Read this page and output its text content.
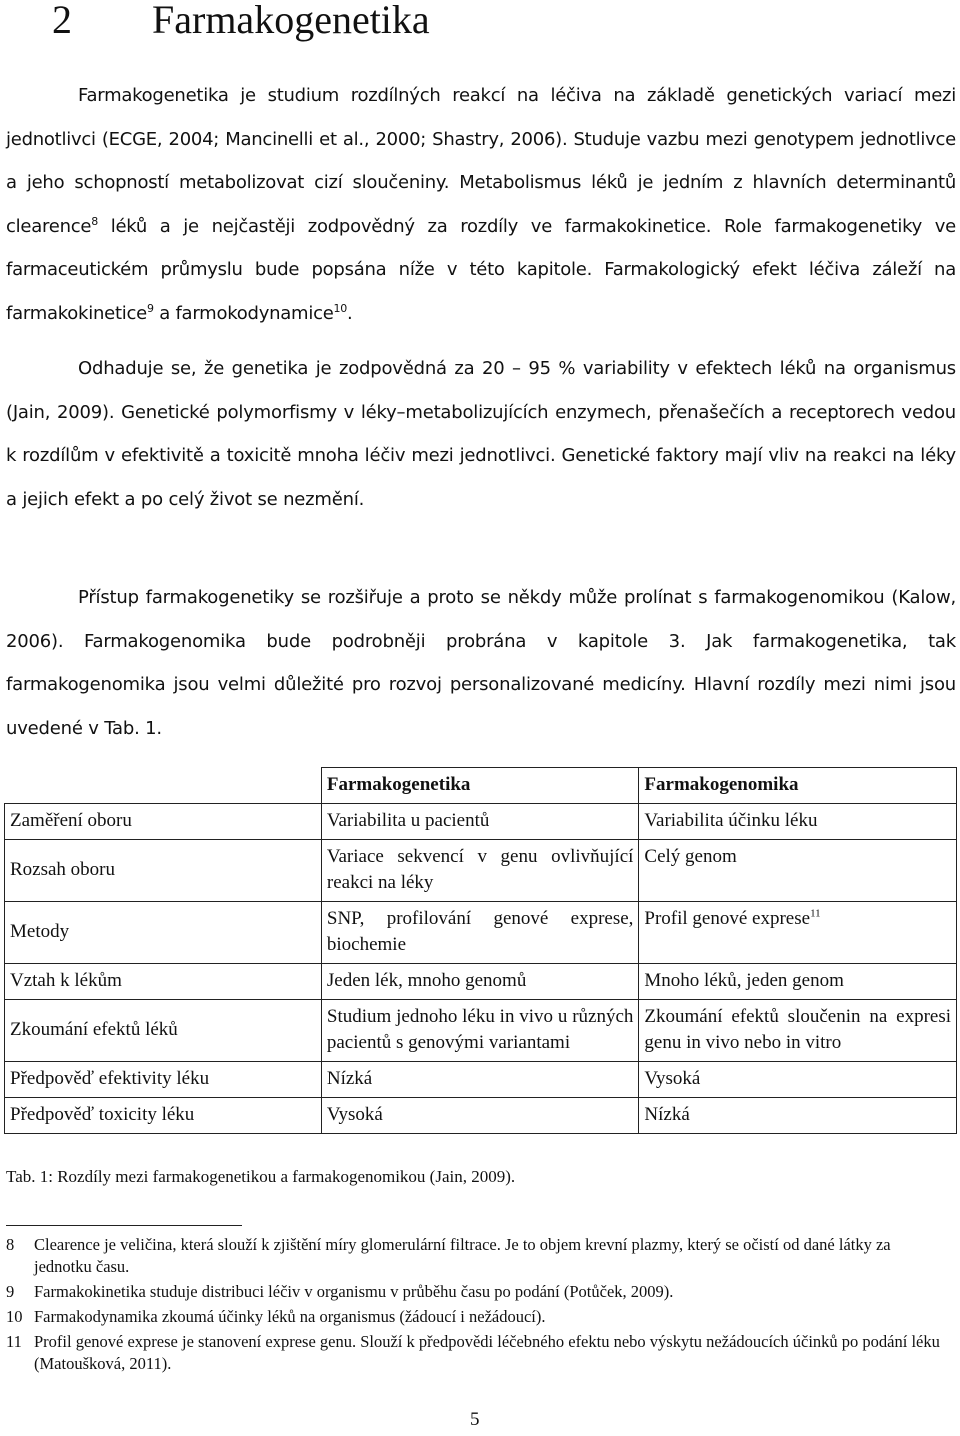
2 Farmakogenetika

Farmakogenetika je studium rozdílných reakcí na léčiva na základě genetických variací mezi jednotlivci (ECGE, 2004; Mancinelli et al., 2000; Shastry, 2006). Studuje vazbu mezi genotypem jednotlivce a jeho schopností metabolizovat cizí sloučeniny. Metabolismus léků je jedním z hlavních determinantů clearence$^8$ léků a je nejčastěji zodpovědný za rozdíly ve farmakokinetice. Role farmakogenetiky ve farmaceutickém průmyslu bude popsána níže v této kapitole. Farmakologický efekt léčiva záleží na farmakokinetice$^9$ a farmokodynamice$^{10}$.

Odhaduje se, že genetika je zodpovědná za 20 – 95 % variability v efektech léků na organismus (Jain, 2009). Genetické polymorfismy v léky–metabolizujících enzymech, přenašečích a receptorech vedou k rozdílům v efektivitě a toxicitě mnoha léčiv mezi jednotlivci. Genetické faktory mají vliv na reakci na léky a jejich efekt a po celý život se nezmění.

Přístup farmakogenetiky se rozšiřuje a proto se někdy může prolínat s farmakogenomikou (Kalow, 2006). Farmakogenomika bude podrobněji probrána v kapitole 3. Jak farmakogenetika, tak farmakogenomika jsou velmi důležité pro rozvoj personalizované medicíny. Hlavní rozdíly mezi nimi jsou uvedené v Tab. 1.

	Farmakogenetika	Farmakogenomika
Zaměření oboru	Variabilita u pacientů	Variabilita účinku léku
Rozsah oboru	Variace sekvencí v genu ovlivňující reakci na léky	Celý genom
Metody	SNP, profilování genové exprese, biochemie	Profil genové exprese$^{11}$
Vztah k lékům	Jeden lék, mnoho genomů	Mnoho léků, jeden genom
Zkoumání efektů léků	Studium jednoho léku in vivo u různých pacientů s genovými variantami	Zkoumání efektů sloučenin na expresi genu in vivo nebo in vitro
Předpověď efektivity léku	Nízká	Vysoká
Předpověď toxicity léku	Vysoká	Nízká

Tab. 1: Rozdíly mezi farmakogenetikou a farmakogenomikou (Jain, 2009).

8	Clearence je veličina, která slouží k zjištění míry glomerulární filtrace. Je to objem krevní plazmy, který se očistí od dané látky za jednotku času.
9	Farmakokinetika studuje distribuci léčiv v organismu v průběhu času po podání (Potůček, 2009).
10 Farmakodynamika zkoumá účinky léků na organismus (žádoucí i nežádoucí).
11 Profil genové exprese je stanovení exprese genu. Slouží k předpovědi léčebného efektu nebo výskytu nežádoucích účinků po podání léku (Matoušková, 2011).
5
